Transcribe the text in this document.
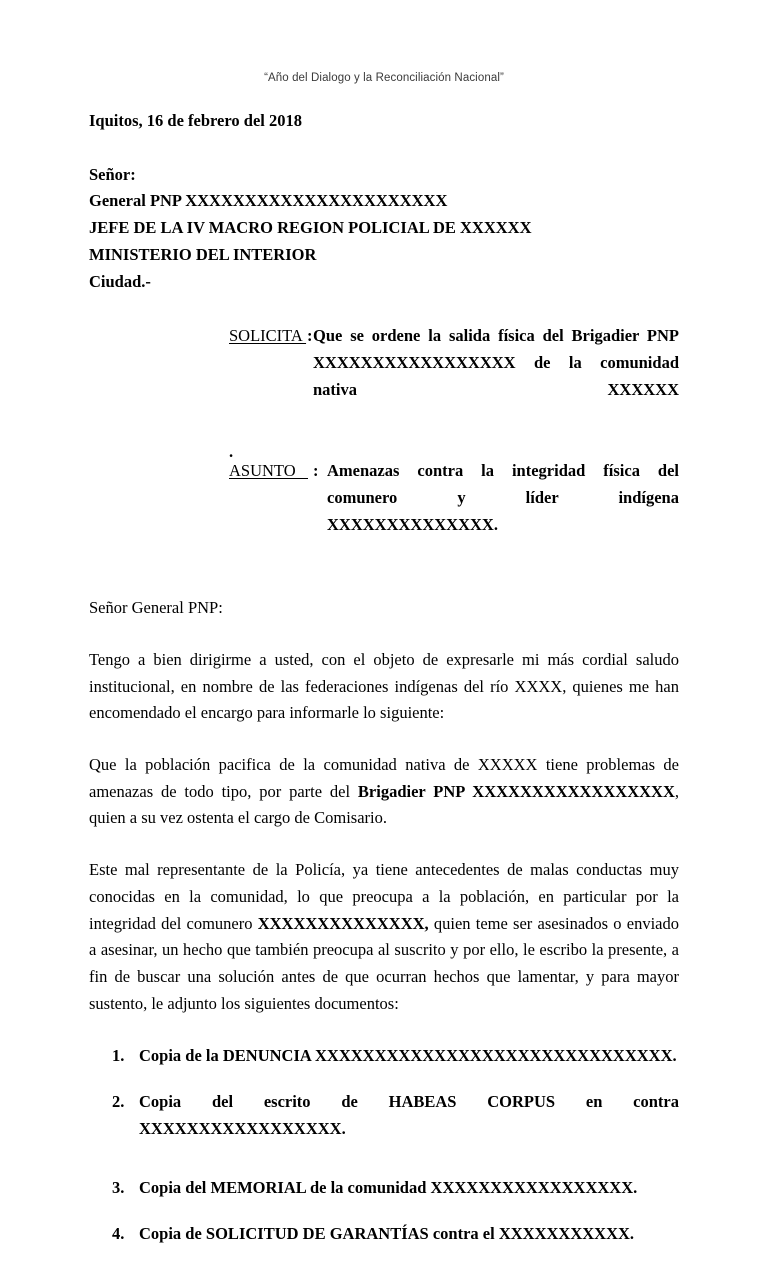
“Año del Dialogo y la Reconciliación Nacional”
Iquitos, 16 de febrero del 2018
Señor:
General PNP XXXXXXXXXXXXXXXXXXXXXX
JEFE DE LA IV MACRO REGION POLICIAL DE XXXXXX
MINISTERIO DEL INTERIOR
Ciudad.-
SOLICITA : Que se ordene la salida física del Brigadier PNP XXXXXXXXXXXXXXXXX de la comunidad nativa XXXXXX
.
ASUNTO : Amenazas contra la integridad física del comunero y líder indígena XXXXXXXXXXXXXX.
Señor General PNP:
Tengo a bien dirigirme a usted, con el objeto de expresarle mi más cordial saludo institucional, en nombre de las federaciones indígenas del río XXXX, quienes me han encomendado el encargo para informarle lo siguiente:
Que la población pacifica de la comunidad nativa de XXXXX tiene problemas de amenazas de todo tipo, por parte del Brigadier PNP XXXXXXXXXXXXXXXXX, quien a su vez ostenta el cargo de Comisario.
Este mal representante de la Policía, ya tiene antecedentes de malas conductas muy conocidas en la comunidad, lo que preocupa a la población, en particular por la integridad del comunero XXXXXXXXXXXXXX, quien teme ser asesinados o enviado a asesinar, un hecho que también preocupa al suscrito y por ello, le escribo la presente, a fin de buscar una solución antes de que ocurran hechos que lamentar, y para mayor sustento, le adjunto los siguientes documentos:
1. Copia de la DENUNCIA XXXXXXXXXXXXXXXXXXXXXXXXXXXXXX.
2. Copia del escrito de HABEAS CORPUS en contra XXXXXXXXXXXXXXXXX.
3. Copia del MEMORIAL de la comunidad XXXXXXXXXXXXXXXXX.
4. Copia de SOLICITUD DE GARANTÍAS contra el XXXXXXXXXXX.
